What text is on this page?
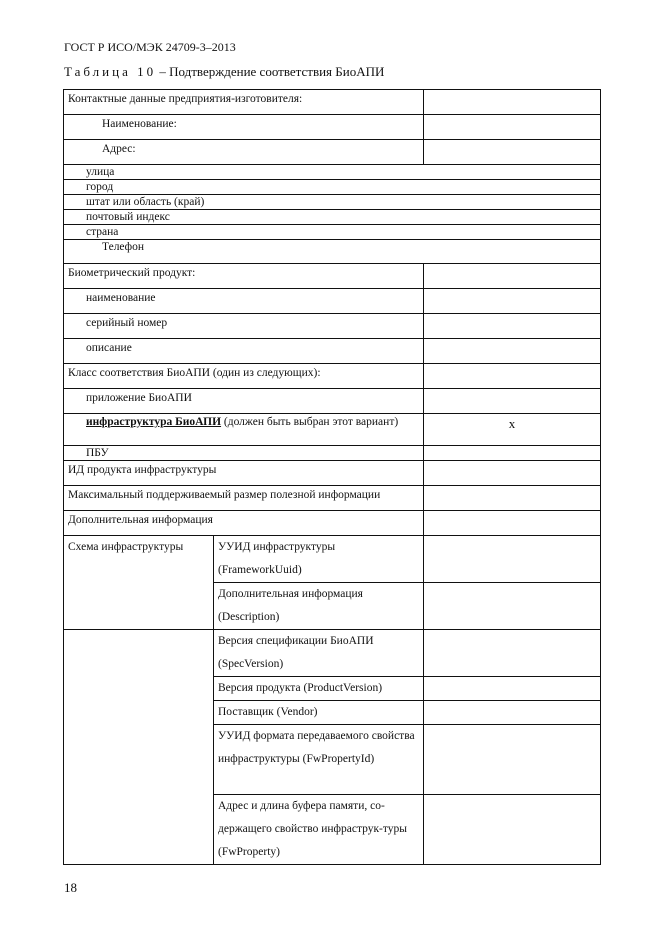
ГОСТ Р ИСО/МЭК 24709-3–2013
Таблица 10 – Подтверждение соответствия БиоАПИ
Контактные данные предприятия-изготовителя:		
Наименование:		
Адрес:		
улица		
город		
штат или область (край)		
почтовый индекс		
страна		
Телефон		
Биометрический продукт:		
наименование		
серийный номер		
описание		
Класс соответствия БиоАПИ (один из следующих):		
приложение БиоАПИ		
инфраструктура БиоАПИ (должен быть выбран этот вариант)		x
ПБУ		
ИД продукта инфраструктуры		
Максимальный поддерживаемый размер полезной информации		
Дополнительная информация		
Схема инфраструктуры	УУИД инфраструктуры (FrameworkUuid)	
	Дополнительная информация (Description)	
	Версия спецификации БиоАПИ (SpecVersion)	
	Версия продукта (ProductVersion)	
	Поставщик (Vendor)	
	УУИД формата передаваемого свойства инфраструктуры (FwPropertyId)	
	Адрес и длина буфера памяти, со-держащего свойство инфраструк-туры (FwProperty)	
18
